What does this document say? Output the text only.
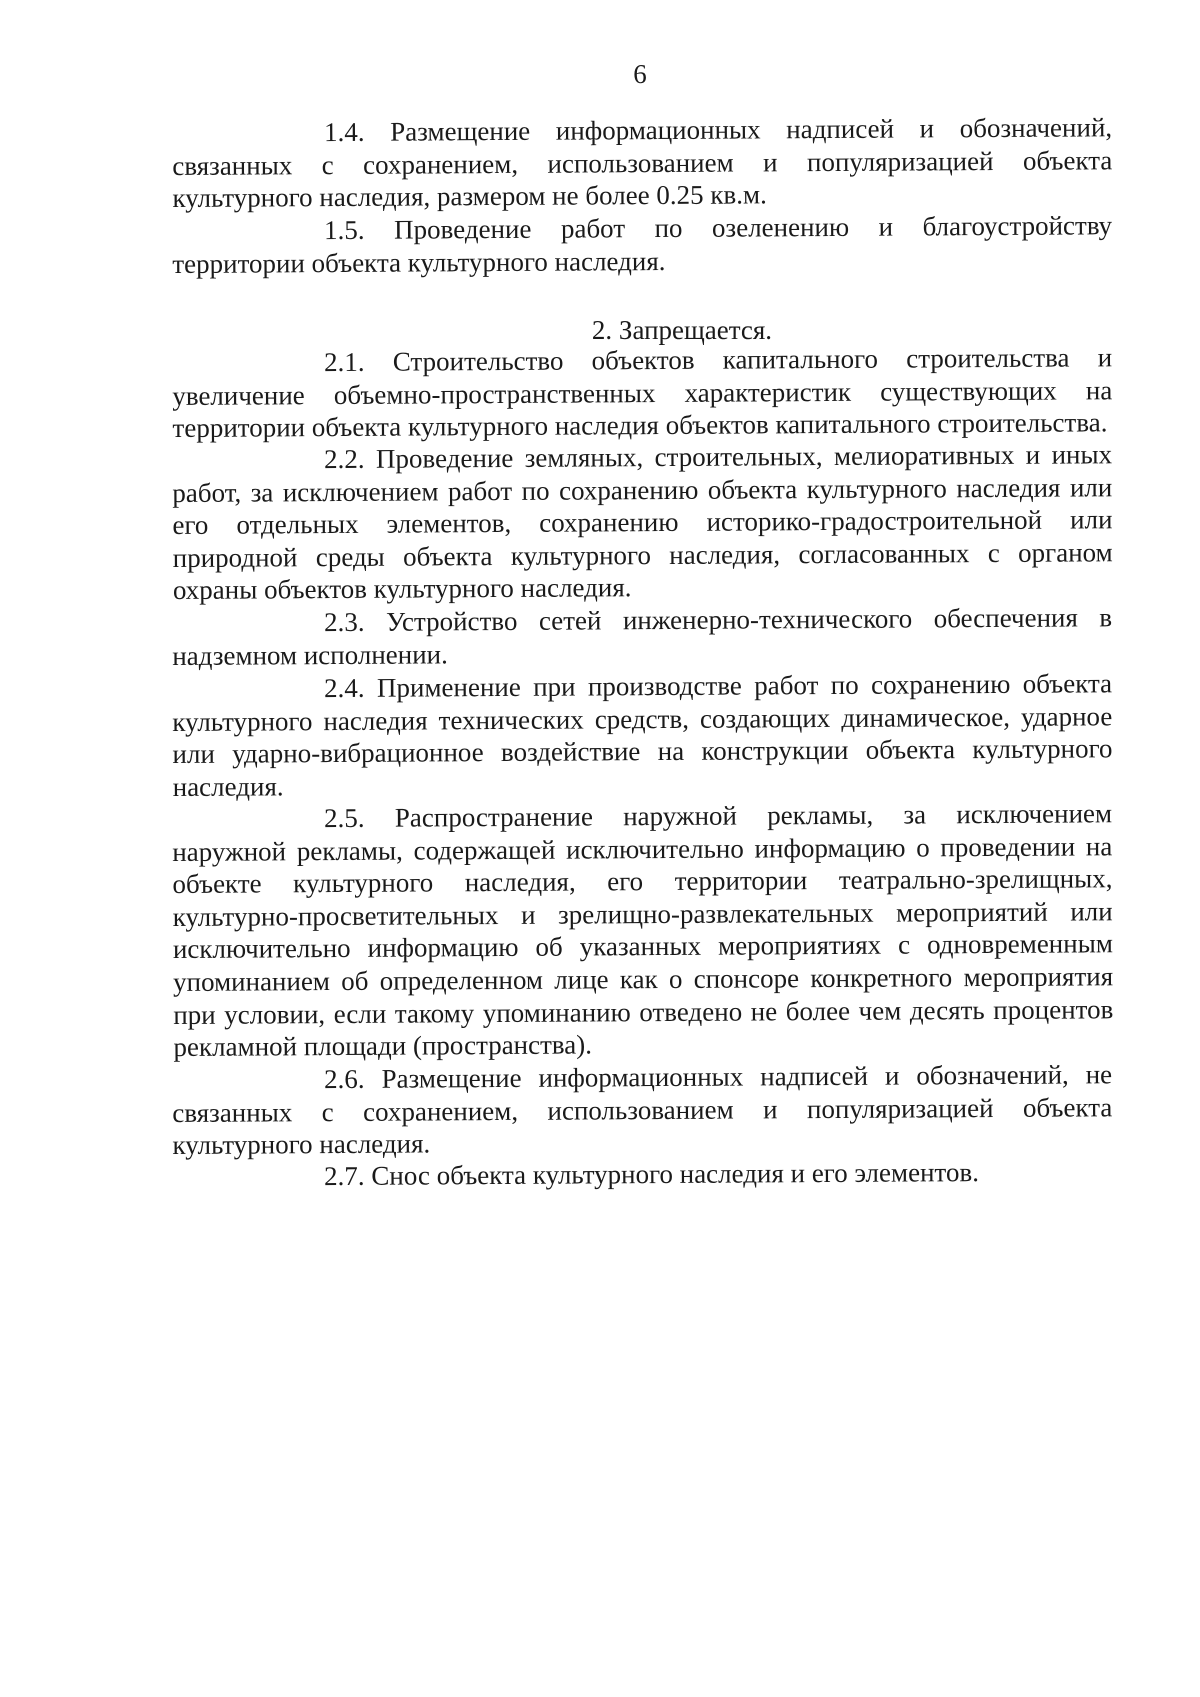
6

1.4. Размещение информационных надписей и обозначений, связанных с сохранением, использованием и популяризацией объекта культурного наследия, размером не более 0.25 кв.м.

1.5. Проведение работ по озеленению и благоустройству территории объекта культурного наследия.

2. Запрещается.

2.1. Строительство объектов капитального строительства и увеличение объемно-пространственных характеристик существующих на территории объекта культурного наследия объектов капитального строительства.

2.2. Проведение земляных, строительных, мелиоративных и иных работ, за исключением работ по сохранению объекта культурного наследия или его отдельных элементов, сохранению историко-градостроительной или природной среды объекта культурного наследия, согласованных с органом охраны объектов культурного наследия.

2.3. Устройство сетей инженерно-технического обеспечения в надземном исполнении.

2.4. Применение при производстве работ по сохранению объекта культурного наследия технических средств, создающих динамическое, ударное или ударно-вибрационное воздействие на конструкции объекта культурного наследия.

2.5. Распространение наружной рекламы, за исключением наружной рекламы, содержащей исключительно информацию о проведении на объекте культурного наследия, его территории театрально-зрелищных, культурно-просветительных и зрелищно-развлекательных мероприятий или исключительно информацию об указанных мероприятиях с одновременным упоминанием об определенном лице как о спонсоре конкретного мероприятия при условии, если такому упоминанию отведено не более чем десять процентов рекламной площади (пространства).

2.6. Размещение информационных надписей и обозначений, не связанных с сохранением, использованием и популяризацией объекта культурного наследия.

2.7. Снос объекта культурного наследия и его элементов.
